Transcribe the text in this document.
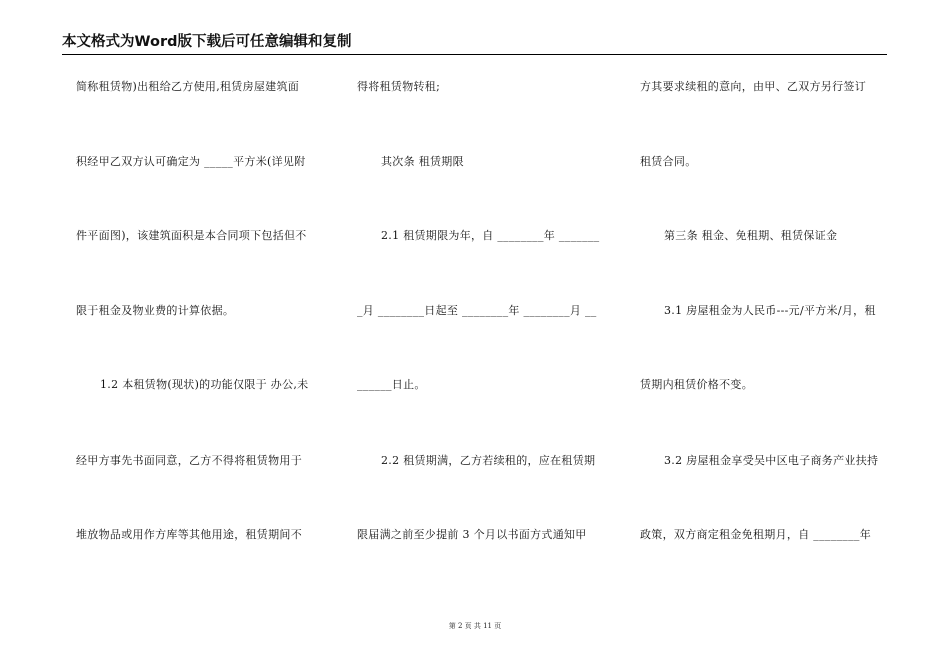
本文格式为Word版下载后可任意编辑和复制
简称租赁物)出租给乙方使用,租赁房屋建筑面
积经甲乙双方认可确定为 _____平方米(详见附
件平面图)，该建筑面积是本合同项下包括但不
限于租金及物业费的计算依据。
1.2 本租赁物(现状)的功能仅限于 办公,未
经甲方事先书面同意，乙方不得将租赁物用于
堆放物品或用作方库等其他用途，租赁期间不
得将租赁物转租;
其次条 租赁期限
2.1 租赁期限为年，自 ________年 _______
_月 ________日起至 ________年 ________月 __
______日止。
2.2 租赁期满，乙方若续租的，应在租赁期
限届满之前至少提前 3 个月以书面方式通知甲
方其要求续租的意向，由甲、乙双方另行签订
租赁合同。
第三条 租金、免租期、租赁保证金
3.1 房屋租金为人民币---元/平方米/月，租
赁期内租赁价格不变。
3.2 房屋租金享受吴中区电子商务产业扶持
政策，双方商定租金免租期月，自 ________年
第 2 页 共 11 页
